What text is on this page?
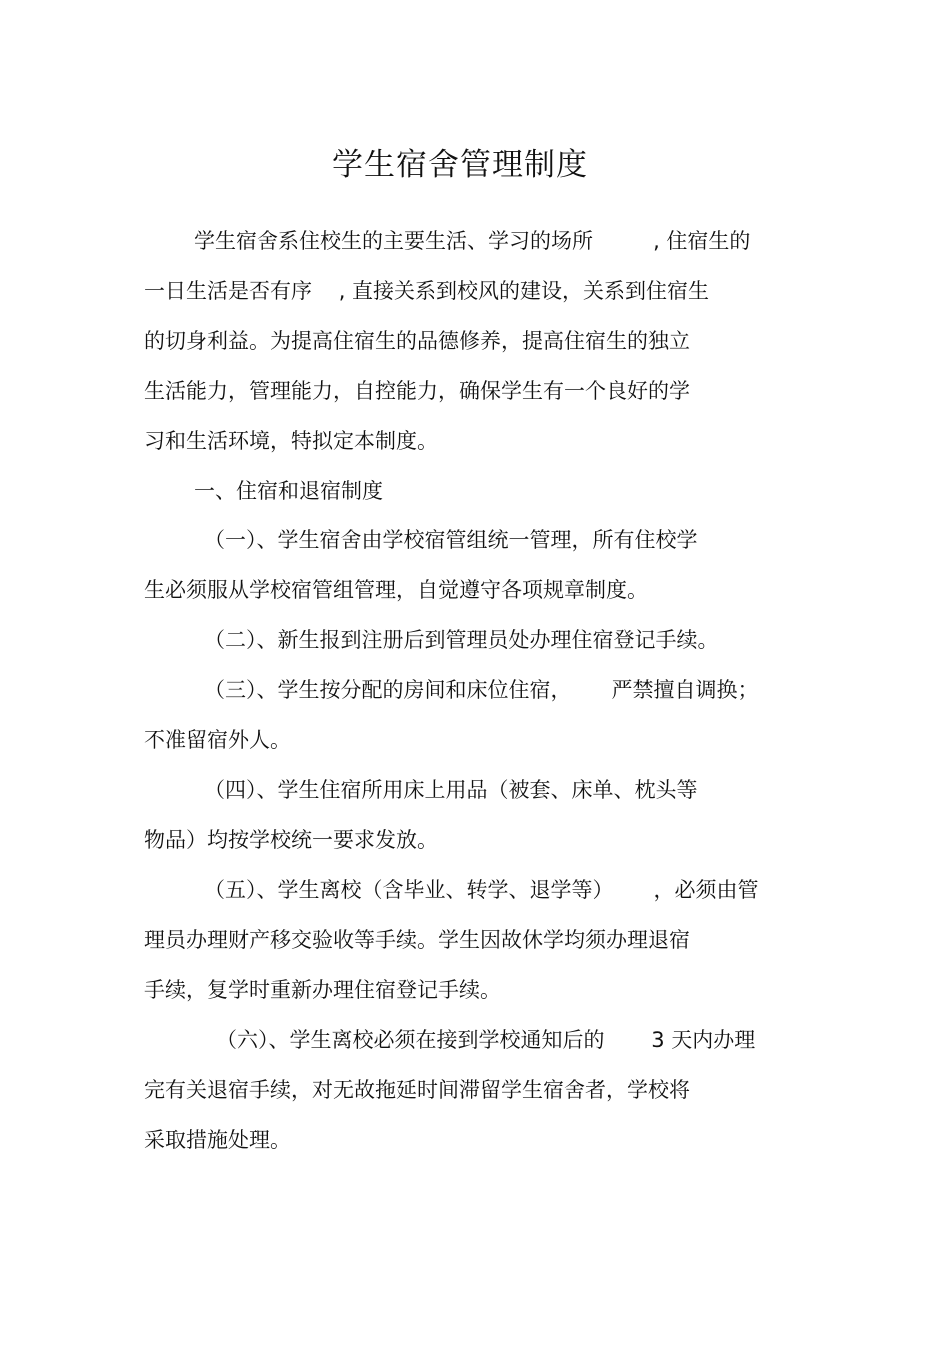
学生宿舍管理制度
学生宿舍系住校生的主要生活、学习的场所         , 住宿生的
一日生活是否有序    , 直接关系到校风的建设，关系到住宿生
的切身利益。为提高住宿生的品德修养，提高住宿生的独立
生活能力，管理能力，自控能力，确保学生有一个良好的学
习和生活环境，特拟定本制度。
一、住宿和退宿制度
（一）、学生宿舍由学校宿管组统一管理，所有住校学
生必须服从学校宿管组管理，自觉遵守各项规章制度。
（二）、新生报到注册后到管理员处办理住宿登记手续。
（三）、学生按分配的房间和床位住宿，      严禁擅自调换；
不准留宿外人。
（四）、学生住宿所用床上用品（被套、床单、枕头等
物品）均按学校统一要求发放。
（五）、学生离校（含毕业、转学、退学等）      ，必须由管
理员办理财产移交验收等手续。学生因故休学均须办理退宿
手续，复学时重新办理住宿登记手续。
（六）、学生离校必须在接到学校通知后的       3 天内办理
完有关退宿手续，对无故拖延时间滞留学生宿舍者，学校将
采取措施处理。
